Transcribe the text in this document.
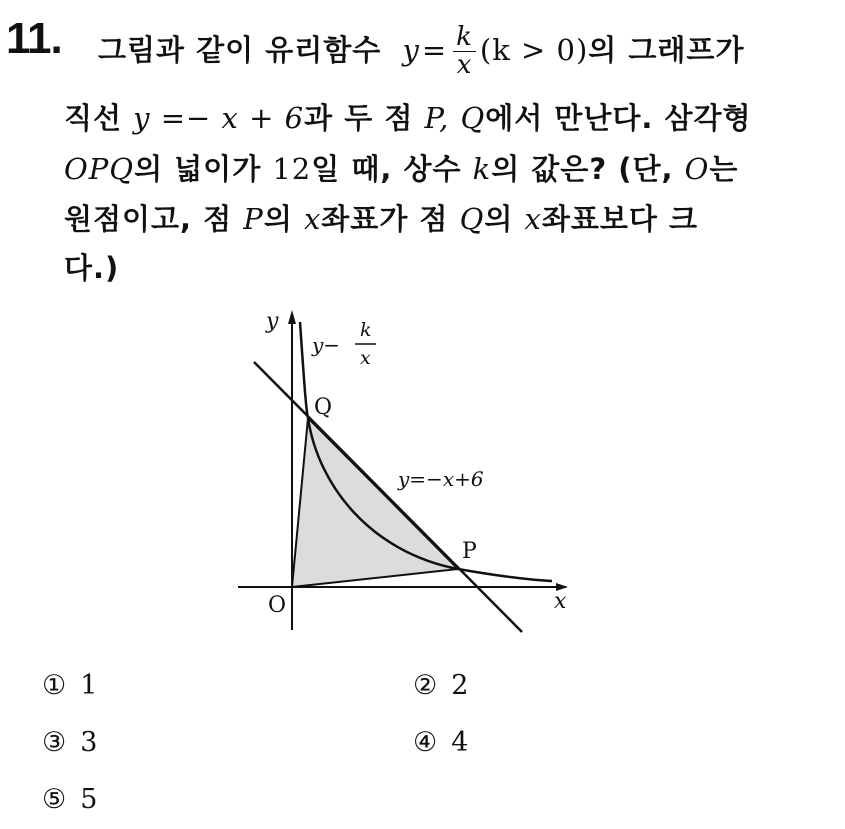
11. 그림과 같이 유리함수 $y= \frac{k}{x} (k > 0)$의 그래프가
직선 y =− x + 6과 두 점 P, Q에서 만난다. 삼각형
OPQ의 넓이가 12일 때, 상수 k의 값은? (단, O는
원점이고, 점 P의 x좌표가 점 Q의 x좌표보다 크
다.)
y
y−
k
x
Q
y=−x+6
P
O	x
① 1	② 2
③ 3	④ 4
⑤ 5
